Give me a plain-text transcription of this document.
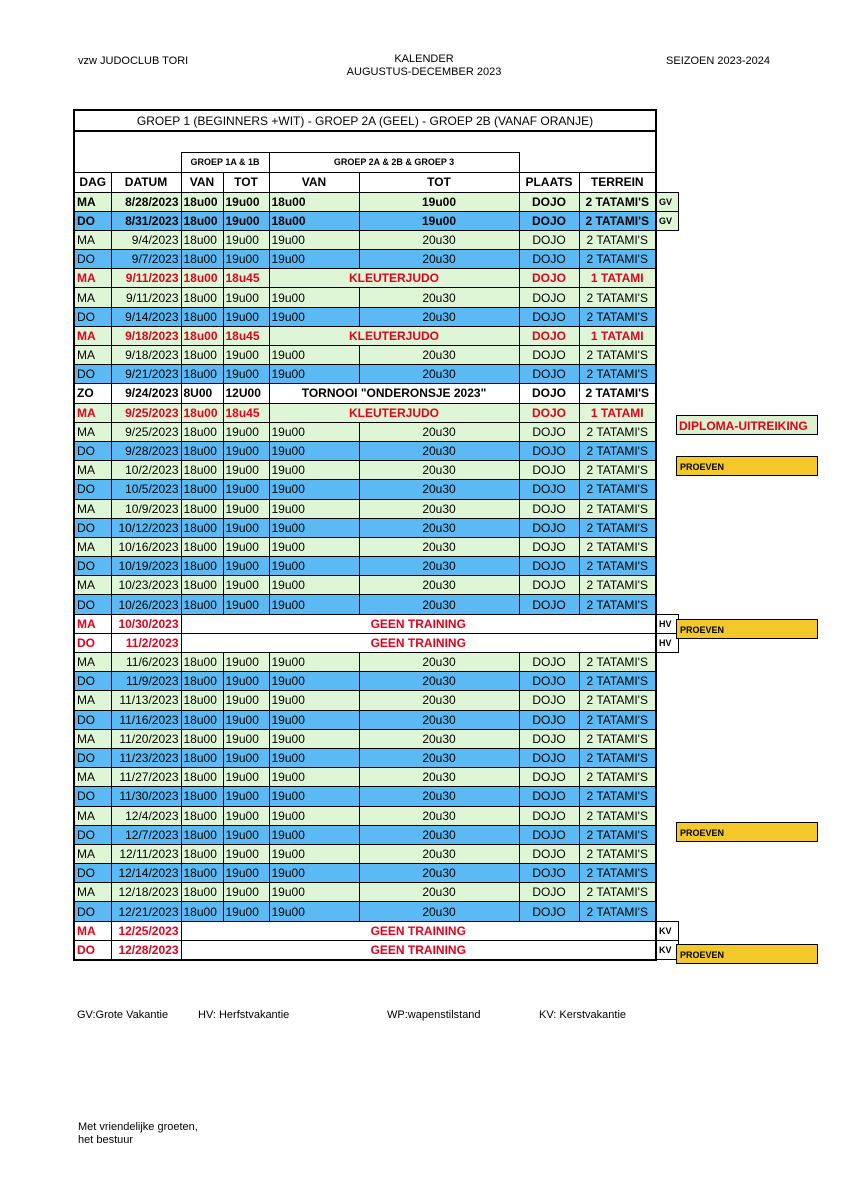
vzw JUDOCLUB TORI	KALENDER
AUGUSTUS-DECEMBER 2023
SEIZOEN 2023-2024
GROEP 1 (BEGINNERS +WIT) - GROEP 2A (GEEL) - GROEP 2B (VANAF ORANJE)								

		GROEP 1A & 1B		GROEP 2A & 2B & GROEP 3				
DAG	DATUM	VAN	TOT	VAN	TOT	PLAATS	TERREIN	
MA	8/28/2023	18u00	19u00	18u00	19u00	DOJO	2 TATAMI'S	GV
DO	8/31/2023	18u00	19u00	18u00	19u00	DOJO	2 TATAMI'S	GV
MA	9/4/2023	18u00	19u00	19u00	20u30	DOJO	2 TATAMI'S	
DO	9/7/2023	18u00	19u00	19u00	20u30	DOJO	2 TATAMI'S	
MA	9/11/2023	18u00	18u45	KLEUTERJUDO		DOJO	1 TATAMI	
MA	9/11/2023	18u00	19u00	19u00	20u30	DOJO	2 TATAMI'S	
DO	9/14/2023	18u00	19u00	19u00	20u30	DOJO	2 TATAMI'S	
MA	9/18/2023	18u00	18u45	KLEUTERJUDO		DOJO	1 TATAMI	
MA	9/18/2023	18u00	19u00	19u00	20u30	DOJO	2 TATAMI'S	
DO	9/21/2023	18u00	19u00	19u00	20u30	DOJO	2 TATAMI'S	
ZO	9/24/2023	8U00	12U00	TORNOOI "ONDERONSJE 2023"		DOJO	2 TATAMI'S	
MA	9/25/2023	18u00	18u45	KLEUTERJUDO		DOJO	1 TATAMI	
MA	9/25/2023	18u00	19u00	19u00	20u30	DOJO	2 TATAMI'S	
DO	9/28/2023	18u00	19u00	19u00	20u30	DOJO	2 TATAMI'S	
MA	10/2/2023	18u00	19u00	19u00	20u30	DOJO	2 TATAMI'S	
DO	10/5/2023	18u00	19u00	19u00	20u30	DOJO	2 TATAMI'S	
MA	10/9/2023	18u00	19u00	19u00	20u30	DOJO	2 TATAMI'S	
DO	10/12/2023	18u00	19u00	19u00	20u30	DOJO	2 TATAMI'S	
MA	10/16/2023	18u00	19u00	19u00	20u30	DOJO	2 TATAMI'S	
DO	10/19/2023	18u00	19u00	19u00	20u30	DOJO	2 TATAMI'S	
MA	10/23/2023	18u00	19u00	19u00	20u30	DOJO	2 TATAMI'S	
DO	10/26/2023	18u00	19u00	19u00	20u30	DOJO	2 TATAMI'S	
MA	10/30/2023	GEEN TRAINING						HV
DO	11/2/2023	GEEN TRAINING						HV
MA	11/6/2023	18u00	19u00	19u00	20u30	DOJO	2 TATAMI'S	
DO	11/9/2023	18u00	19u00	19u00	20u30	DOJO	2 TATAMI'S	
MA	11/13/2023	18u00	19u00	19u00	20u30	DOJO	2 TATAMI'S	
DO	11/16/2023	18u00	19u00	19u00	20u30	DOJO	2 TATAMI'S	
MA	11/20/2023	18u00	19u00	19u00	20u30	DOJO	2 TATAMI'S	
DO	11/23/2023	18u00	19u00	19u00	20u30	DOJO	2 TATAMI'S	
MA	11/27/2023	18u00	19u00	19u00	20u30	DOJO	2 TATAMI'S	
DO	11/30/2023	18u00	19u00	19u00	20u30	DOJO	2 TATAMI'S	
MA	12/4/2023	18u00	19u00	19u00	20u30	DOJO	2 TATAMI'S	
DO	12/7/2023	18u00	19u00	19u00	20u30	DOJO	2 TATAMI'S	
MA	12/11/2023	18u00	19u00	19u00	20u30	DOJO	2 TATAMI'S	
DO	12/14/2023	18u00	19u00	19u00	20u30	DOJO	2 TATAMI'S	
MA	12/18/2023	18u00	19u00	19u00	20u30	DOJO	2 TATAMI'S	
DO	12/21/2023	18u00	19u00	19u00	20u30	DOJO	2 TATAMI'S	
MA	12/25/2023	GEEN TRAINING						KV
DO	12/28/2023	GEEN TRAINING						KV
DIPLOMA-UITREIKING
PROEVEN
PROEVEN
PROEVEN
PROEVEN
GV:Grote Vakantie	HV: Herfstvakantie	WP:wapenstilstand	KV: Kerstvakantie
Met vriendelijke groeten,
het bestuur
